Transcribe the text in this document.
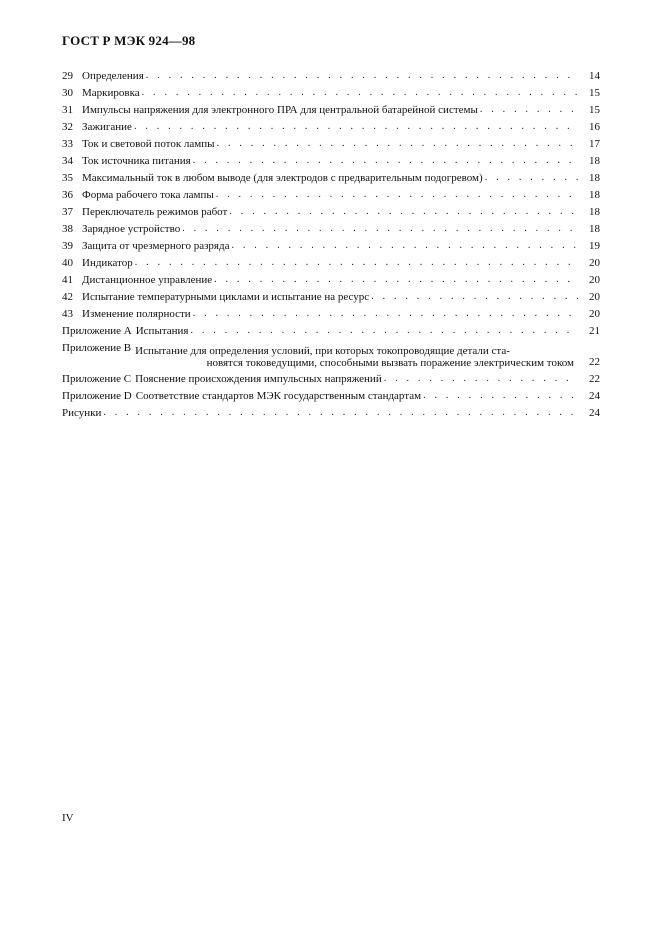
ГОСТ Р МЭК 924—98
29 Определения . . .	14
30 Маркировка . . .	15
31 Импульсы напряжения для электронного ПРА для центральной батарейной системы . . .	15
32 Зажигание . . .	16
33 Ток и световой поток лампы . . .	17
34 Ток источника питания . . .	18
35 Максимальный ток в любом выводе (для электродов с предварительным подогревом) . . .	18
36 Форма рабочего тока лампы . . .	18
37 Переключатель режимов работ . . .	18
38 Зарядное устройство . . .	18
39 Защита от чрезмерного разряда . . .	19
40 Индикатор . . .	20
41 Дистанционное управление . . .	20
42 Испытание температурными циклами и испытание на ресурс . . .	20
43 Изменение полярности . . .	20
Приложение А Испытания . . .	21
Приложение В Испытание для определения условий, при которых токопроводящие детали ста-
новятся токоведущими, способными вызвать поражение электрическим током	22
Приложение С Пояснение происхождения импульсных напряжений . . .	22
Приложение D Соответствие стандартов МЭК государственным стандартам . . .	24
Рисунки . . .	24
IV
